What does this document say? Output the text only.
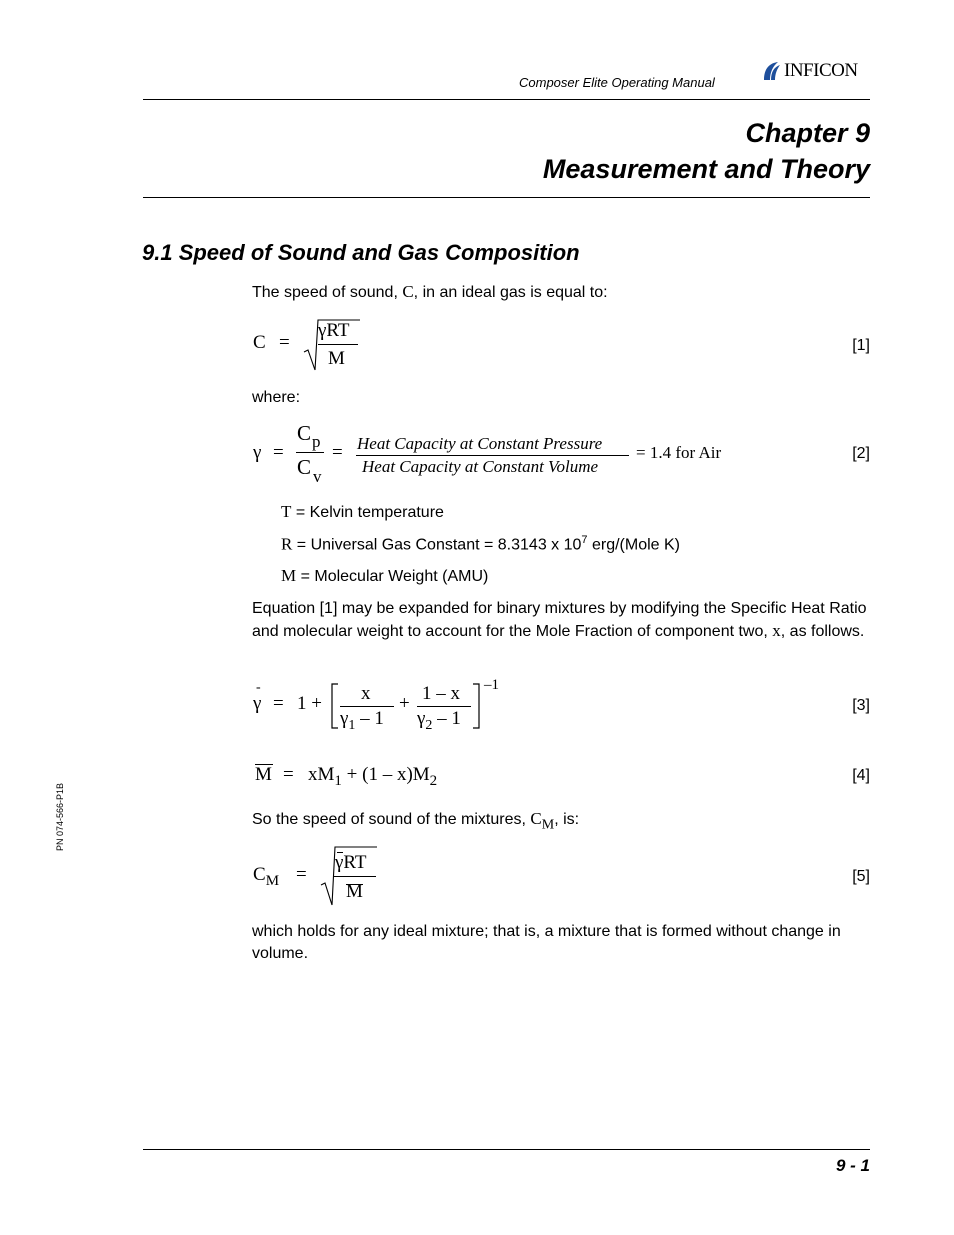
Composer Elite Operating Manual
INFICON
Chapter 9
Measurement and Theory
9.1 Speed of Sound and Gas Composition
The speed of sound, C, in an ideal gas is equal to:
C =
γRT
M
[1]
where:
γ =
C p
C v
= Heat Capacity at Constant Pressure
Heat Capacity at Constant Volume
= 1.4 for Air	[2]
T = Kelvin temperature
R = Universal Gas Constant = 8.3143 x $10^7$ erg/(Mole K)
M = Molecular Weight (AMU)
Equation [1] may be expanded for binary mixtures by modifying the Specific Heat Ratio and molecular weight to account for the Mole Fraction of component two, x, as follows.
-
γ = 1 + x
$\gamma_1 - 1$
+ 1 – x
$\gamma_2 - 1$
–1
[3]
$M = xM_1 + (1 - x)M_2$	[4]
So the speed of sound of the mixtures, $C_M$, is:
$C_M$ =
γRT
M
[5]
which holds for any ideal mixture; that is, a mixture that is formed without change in volume.
PN 074-566-P1B
9 - 1
